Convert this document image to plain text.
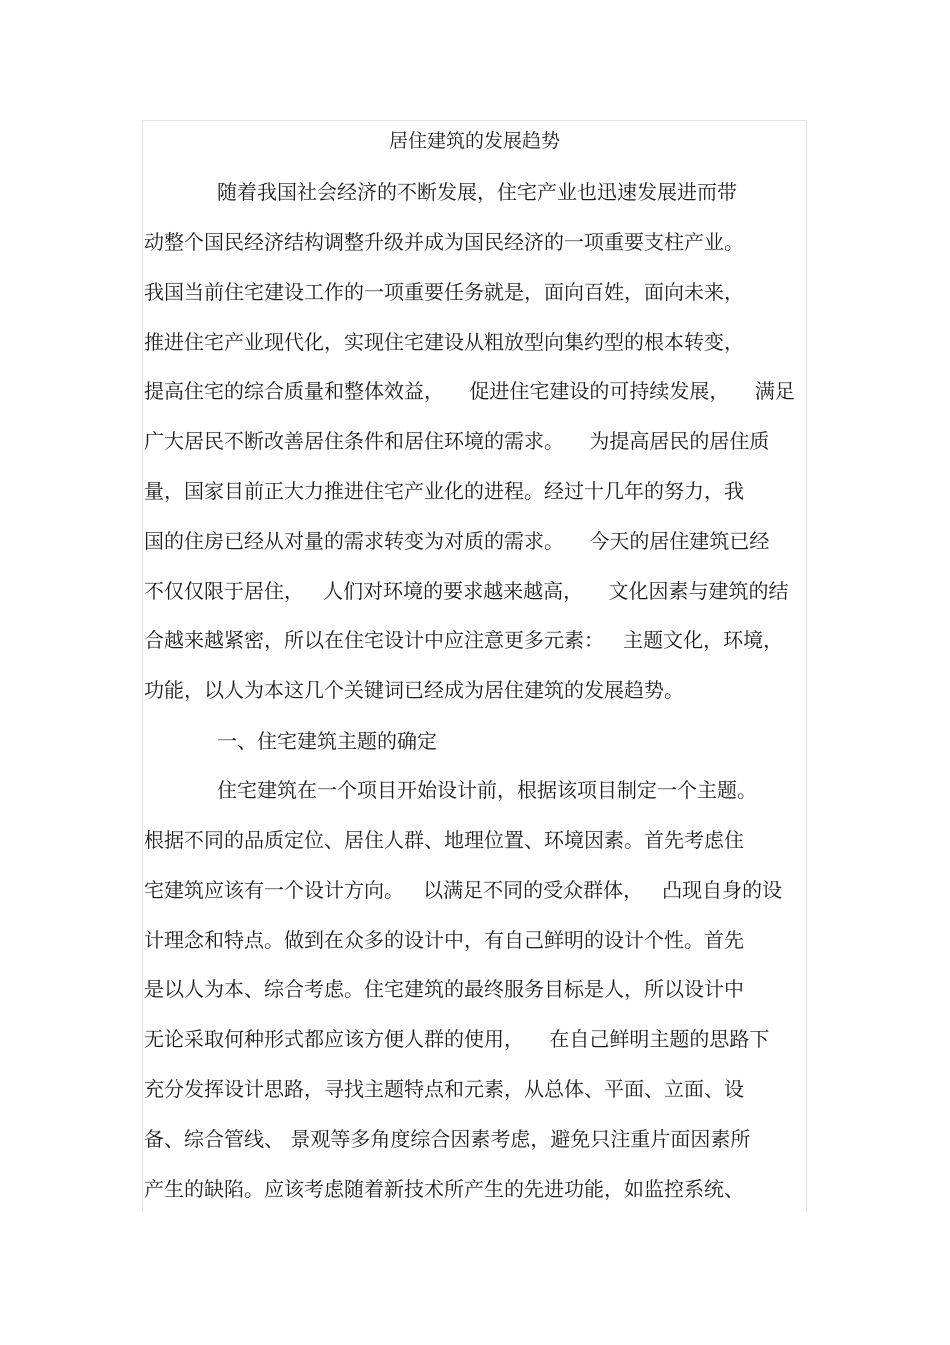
居住建筑的发展趋势
随着我国社会经济的不断发展，住宅产业也迅速发展进而带
动整个国民经济结构调整升级并成为国民经济的一项重要支柱产业。
我国当前住宅建设工作的一项重要任务就是，面向百姓，面向未来，
推进住宅产业现代化，实现住宅建设从粗放型向集约型的根本转变，
提高住宅的综合质量和整体效益，    促进住宅建设的可持续发展，    满足
广大居民不断改善居住条件和居住环境的需求。    为提高居民的居住质
量，国家目前正大力推进住宅产业化的进程。经过十几年的努力，我
国的住房已经从对量的需求转变为对质的需求。    今天的居住建筑已经
不仅仅限于居住，   人们对环境的要求越来越高，    文化因素与建筑的结
合越来越紧密，所以在住宅设计中应注意更多元素：   主题文化，环境，
功能，以人为本这几个关键词已经成为居住建筑的发展趋势。
一、住宅建筑主题的确定
住宅建筑在一个项目开始设计前，根据该项目制定一个主题。
根据不同的品质定位、居住人群、地理位置、环境因素。首先考虑住
宅建筑应该有一个设计方向。   以满足不同的受众群体，   凸现自身的设
计理念和特点。做到在众多的设计中，有自己鲜明的设计个性。首先
是以人为本、综合考虑。住宅建筑的最终服务目标是人，所以设计中
无论采取何种形式都应该方便人群的使用，    在自己鲜明主题的思路下
充分发挥设计思路，寻找主题特点和元素，从总体、平面、立面、设
备、综合管线、 景观等多角度综合因素考虑，避免只注重片面因素所
产生的缺陷。应该考虑随着新技术所产生的先进功能，如监控系统、
